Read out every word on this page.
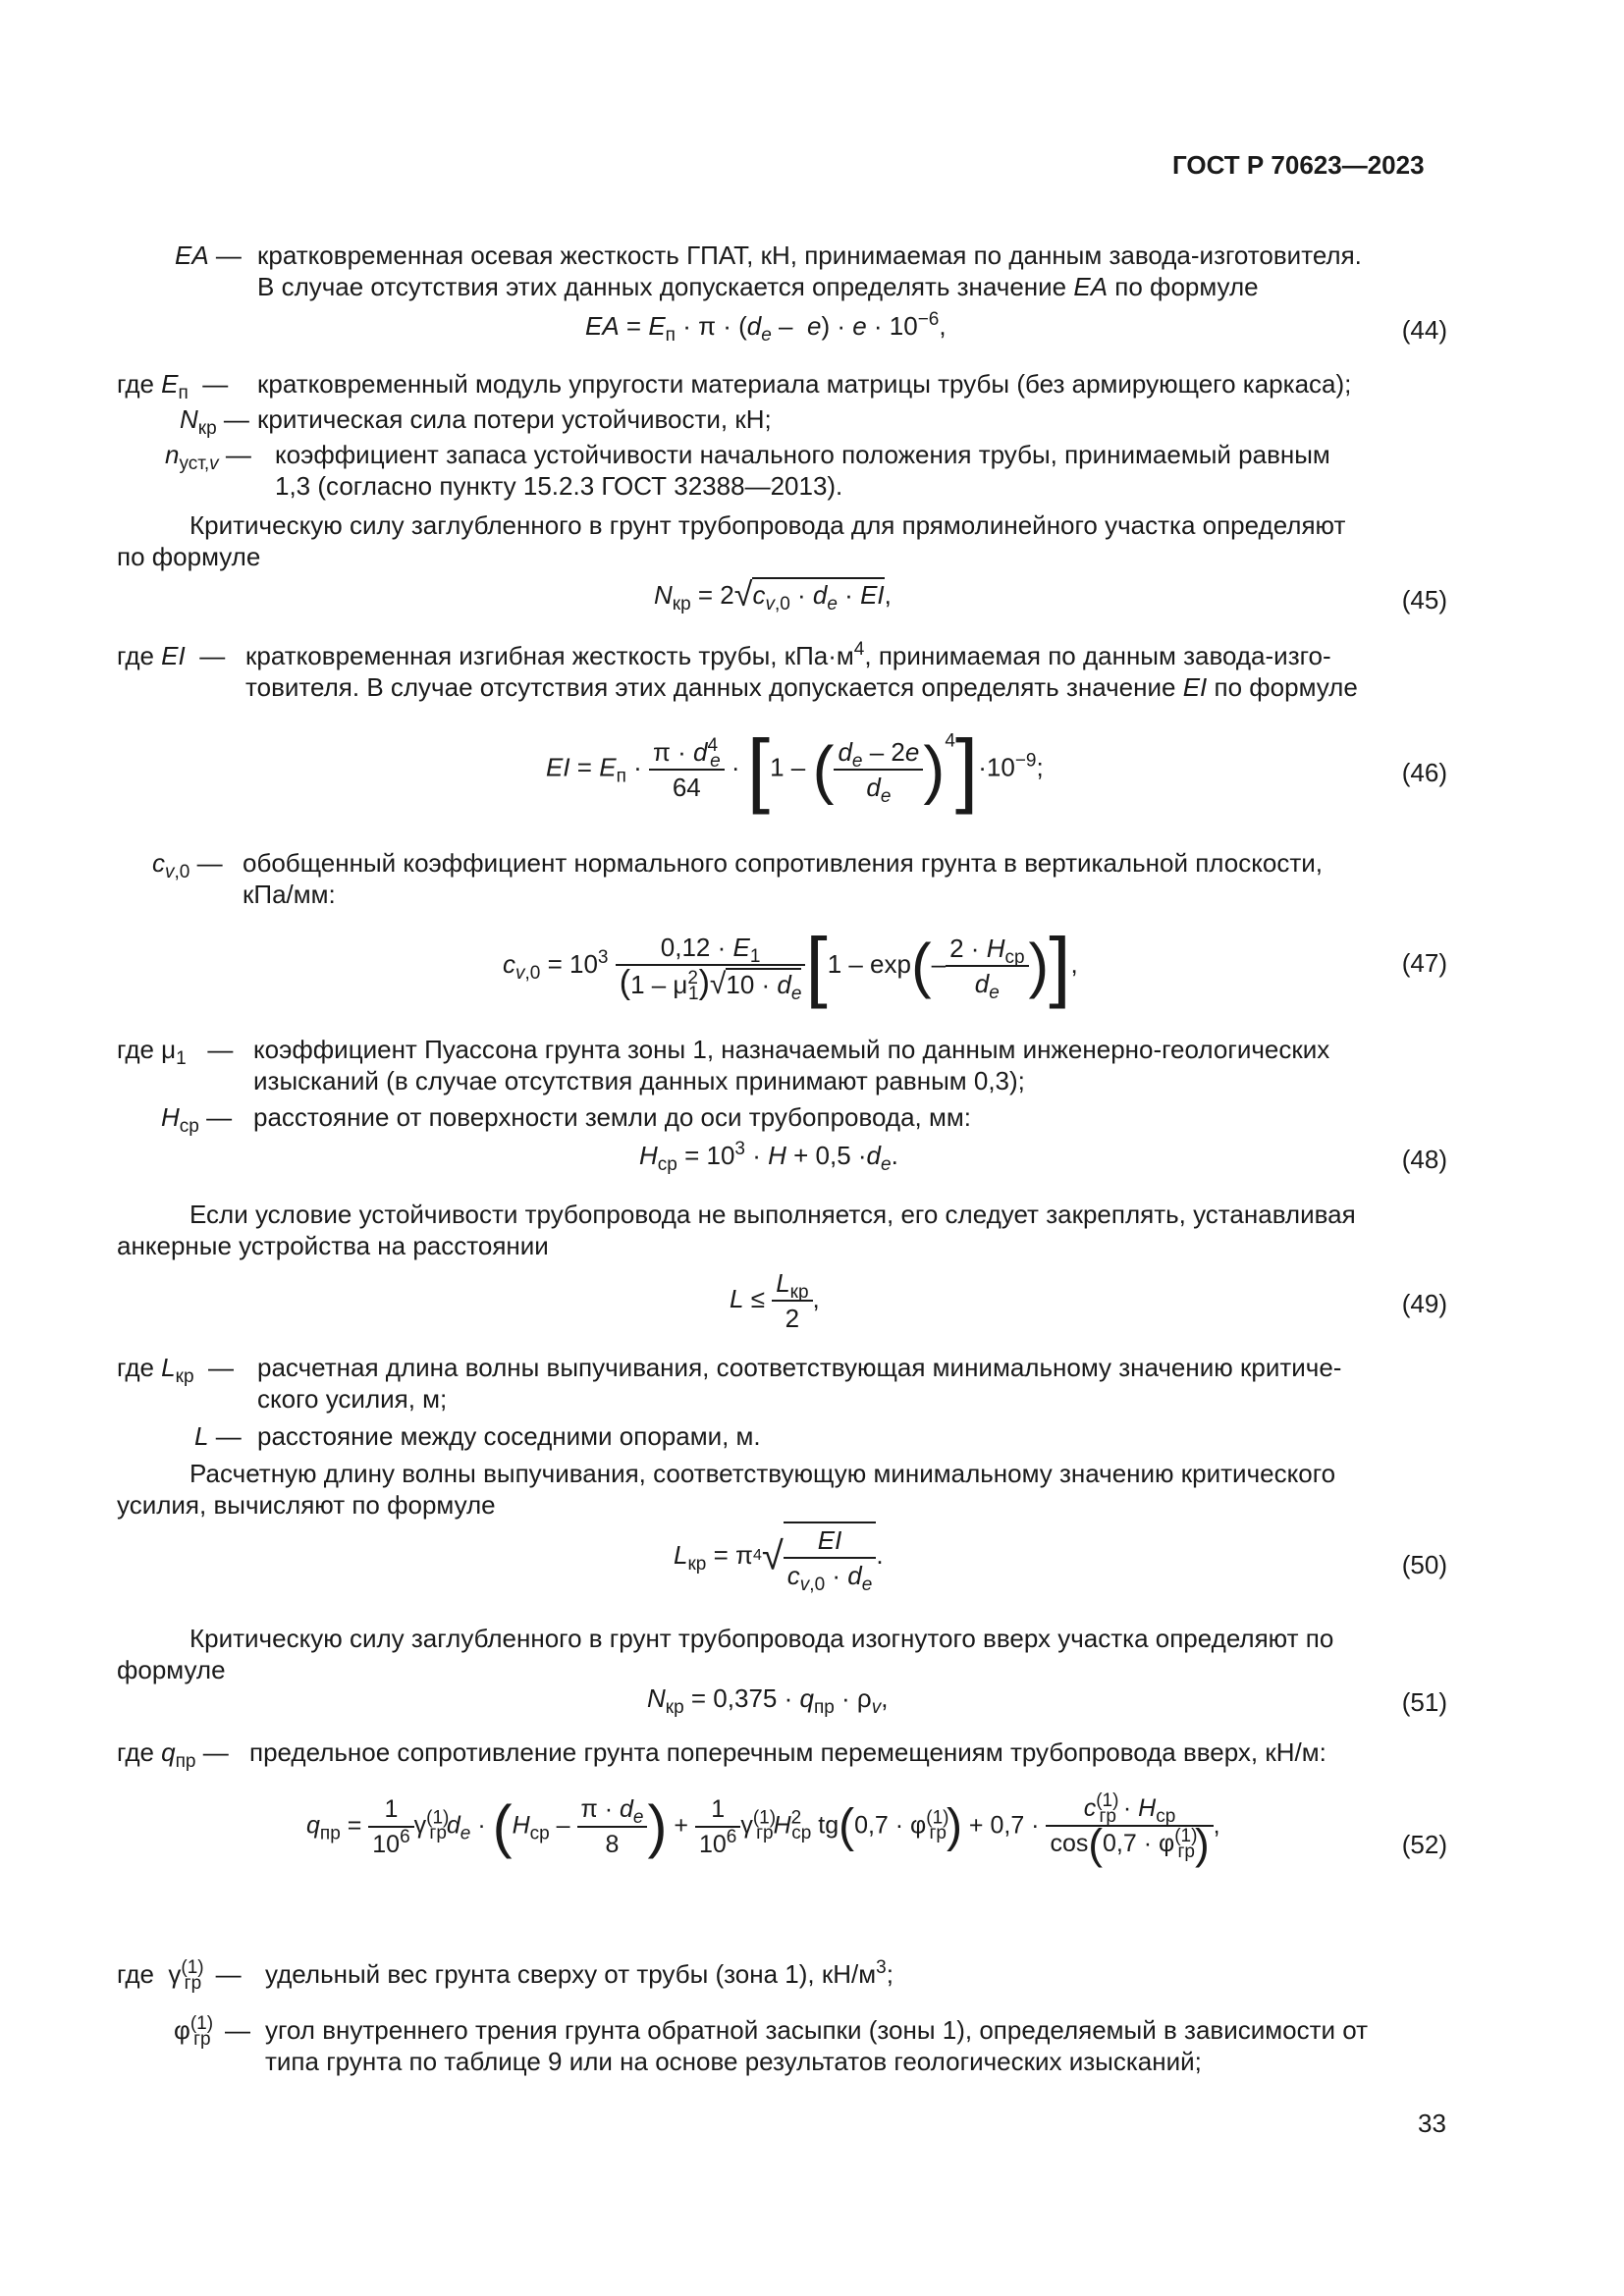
ГОСТ Р 70623—2023
EA — кратковременная осевая жесткость ГПАТ, кН, принимаемая по данным завода-изготовителя.
В случае отсутствия этих данных допускается определять значение EA по формуле
EA = $E_п \cdot \pi \cdot (d_e - e) \cdot e \cdot 10^{-6}$,	(44)
где $E_п$  — кратковременный модуль упругости материала матрицы трубы (без армирующего каркаса);
$N_{кр}$ — критическая сила потери устойчивости, кН;
$n_{уст,v}$ — коэффициент запаса устойчивости начального положения трубы, принимаемый равным
1,3 (согласно пункту 15.2.3 ГОСТ 32388—2013).
Критическую силу заглубленного в грунт трубопровода для прямолинейного участка определяют
по формуле
$N_{кр} = 2√c_{v,0} \cdot d_e$ · EI,	(45)
где EI  — кратковременная изгибная жесткость трубы, $кПа\cdot м^4$, принимаемая по данным завода-изго-
товителя. В случае отсутствия этих данных допускается определять значение EI по формуле
EI = $E_п \cdot \frac{\pi \cdot d^4_e}{64} \cdot [1$ – ( $\frac{d_e - 2e}{d_e} )^4]\cdot 10^{-9}$;	(46)
$c_{v,0}$ — обобщенный коэффициент нормального сопротивления грунта в вертикальной плоскости,
кПа/мм:
$c_{v,0} = 10^3 \frac{0,12 \cdot E_1}{(1 - \mu^2_1)√10 \cdot d_e} [1 - \exp(- \frac{2 \cdot H_{ср}}{d_e}$ )],	(47)
где $\mu_1$   — коэффициент Пуассона грунта зоны 1, назначаемый по данным инженерно-геологических
изысканий (в случае отсутствия данных принимают равным 0,3);
$H_{ср}$ — расстояние от поверхности земли до оси трубопровода, мм:
$H_{ср} = 10^3 \cdot H + 0,5 \cdot d_e$.	(48)
Если условие устойчивости трубопровода не выполняется, его следует закреплять, устанавливая
анкерные устройства на расстоянии
$L \le \frac{L_{кр}}{2}$ ,	(49)
где $L_{кр}$  — расчетная длина волны выпучивания, соответствующая минимальному значению критиче-
ского усилия, м;
L — расстояние между соседними опорами, м.
Расчетную длину волны выпучивания, соответствующую минимальному значению критического
усилия, вычисляют по формуле
$L_{кр} = \pi^4√ \frac{EI}{c_{v,0} \cdot d_e}$ .	(50)
Критическую силу заглубленного в грунт трубопровода изогнутого вверх участка определяют по
формуле
$N_{кр} = 0,375 \cdot q_{пр} \cdot \rho_v$,	(51)
где $q_{пр}$ — предельное сопротивление грунта поперечным перемещениям трубопровода вверх, кН/м:
$q_{пр} = \frac{1}{10^6} \gamma^{(1)}_{гр}d_e \cdot (H_{ср} - \frac{\pi \cdot d_e}{8}$ ) + $\frac{1}{10^6} \gamma^{(1)}_{гр}H^2_{ср}$ $tg(0,7 \cdot \varphi^{(1)}_{гр}) + 0,7 \cdot \frac{c^{(1)}_{гр} \cdot H_{ср}}{\cos(0,7 \cdot \varphi^{(1)}_{гр})}$ ,
(52)
где  $\gamma^{(1)}_{гр}$  — удельный вес грунта сверху от трубы (зона 1), $кН/м^3$;
$\varphi^{(1)}_{гр}$  — угол внутреннего трения грунта обратной засыпки (зоны 1), определяемый в зависимости от
типа грунта по таблице 9 или на основе результатов геологических изысканий;
33
